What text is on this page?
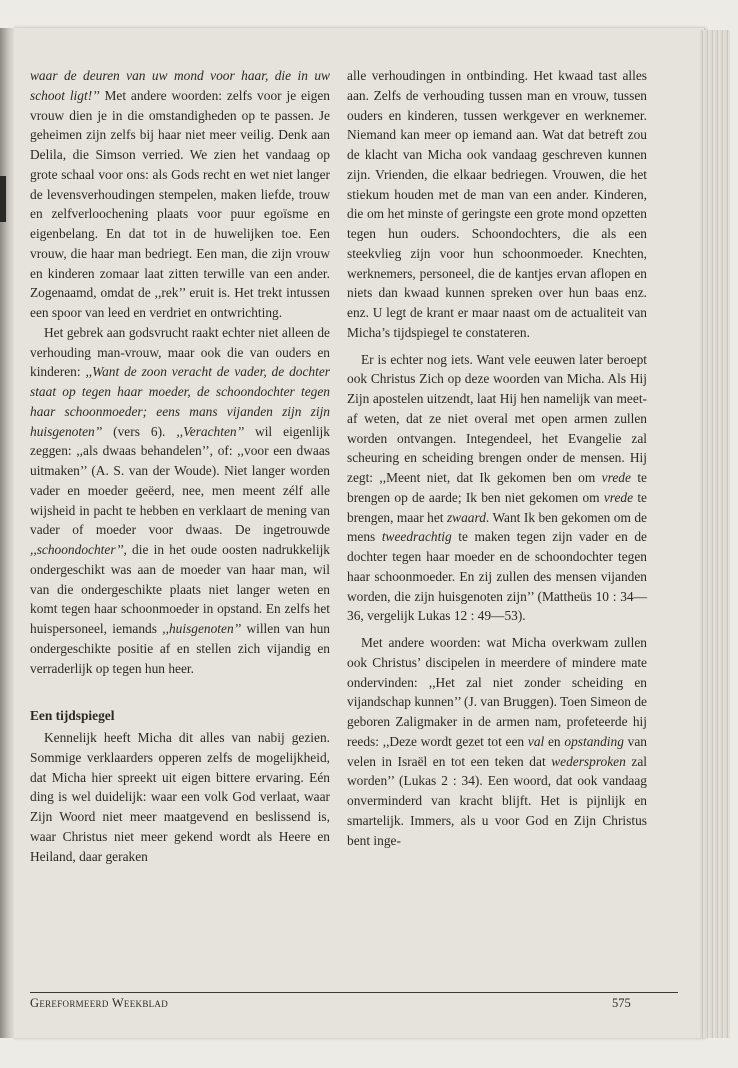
waar de deuren van uw mond voor haar, die in uw schoot ligt!’’ Met andere woorden: zelfs voor je eigen vrouw dien je in die omstandigheden op te passen. Je geheimen zijn zelfs bij haar niet meer veilig. Denk aan Delila, die Simson verried. We zien het vandaag op grote schaal voor ons: als Gods recht en wet niet langer de levensverhoudingen stempelen, maken liefde, trouw en zelfverloochening plaats voor puur egoïsme en eigenbelang. En dat tot in de huwelijken toe. Een vrouw, die haar man bedriegt. Een man, die zijn vrouw en kinderen zomaar laat zitten terwille van een ander. Zogenaamd, omdat de ,,rek’’ eruit is. Het trekt intussen een spoor van leed en verdriet en ontwrichting.

Het gebrek aan godsvrucht raakt echter niet alleen de verhouding man-vrouw, maar ook die van ouders en kinderen: ,,Want de zoon veracht de vader, de dochter staat op tegen haar moeder, de schoondochter tegen haar schoonmoeder; eens mans vijanden zijn zijn huisgenoten’’ (vers 6). ,,Verachten’’ wil eigenlijk zeggen: ,,als dwaas behandelen’’, of: ,,voor een dwaas uitmaken’’ (A. S. van der Woude). Niet langer worden vader en moeder geëerd, nee, men meent zélf alle wijsheid in pacht te hebben en verklaart de mening van vader of moeder voor dwaas. De ingetrouwde ,,schoondochter’’, die in het oude oosten nadrukkelijk ondergeschikt was aan de moeder van haar man, wil van die ondergeschikte plaats niet langer weten en komt tegen haar schoonmoeder in opstand. En zelfs het huispersoneel, iemands ,,huisgenoten’’ willen van hun ondergeschikte positie af en stellen zich vijandig en verraderlijk op tegen hun heer.

Een tijdspiegel

Kennelijk heeft Micha dit alles van nabij gezien. Sommige verklaarders opperen zelfs de mogelijkheid, dat Micha hier spreekt uit eigen bittere ervaring. Eén ding is wel duidelijk: waar een volk God verlaat, waar Zijn Woord niet meer maatgevend en beslissend is, waar Christus niet meer gekend wordt als Heere en Heiland, daar geraken

alle verhoudingen in ontbinding. Het kwaad tast alles aan. Zelfs de verhouding tussen man en vrouw, tussen ouders en kinderen, tussen werkgever en werknemer. Niemand kan meer op iemand aan. Wat dat betreft zou de klacht van Micha ook vandaag geschreven kunnen zijn. Vrienden, die elkaar bedriegen. Vrouwen, die het stiekum houden met de man van een ander. Kinderen, die om het minste of geringste een grote mond opzetten tegen hun ouders. Schoondochters, die als een steekvlieg zijn voor hun schoonmoeder. Knechten, werknemers, personeel, die de kantjes ervan aflopen en niets dan kwaad kunnen spreken over hun baas enz. enz. U legt de krant er maar naast om de actualiteit van Micha’s tijdspiegel te constateren.

Er is echter nog iets. Want vele eeuwen later beroept ook Christus Zich op deze woorden van Micha. Als Hij Zijn apostelen uitzendt, laat Hij hen namelijk van meet-af weten, dat ze niet overal met open armen zullen worden ontvangen. Integendeel, het Evangelie zal scheuring en scheiding brengen onder de mensen. Hij zegt: ,,Meent niet, dat Ik gekomen ben om vrede te brengen op de aarde; Ik ben niet gekomen om vrede te brengen, maar het zwaard. Want Ik ben gekomen om de mens tweedrachtig te maken tegen zijn vader en de dochter tegen haar moeder en de schoondochter tegen haar schoonmoeder. En zij zullen des mensen vijanden worden, die zijn huisgenoten zijn’’ (Mattheüs 10 : 34—36, vergelijk Lukas 12 : 49—53).

Met andere woorden: wat Micha overkwam zullen ook Christus’ discipelen in meerdere of mindere mate ondervinden: ,,Het zal niet zonder scheiding en vijandschap kunnen’’ (J. van Bruggen). Toen Simeon de geboren Zaligmaker in de armen nam, profeteerde hij reeds: ,,Deze wordt gezet tot een val en opstanding van velen in Israël en tot een teken dat wedersproken zal worden’’ (Lukas 2 : 34). Een woord, dat ook vandaag onverminderd van kracht blijft. Het is pijnlijk en smartelijk. Immers, als u voor God en Zijn Christus bent inge-

Gereformeerd Weekblad	575
